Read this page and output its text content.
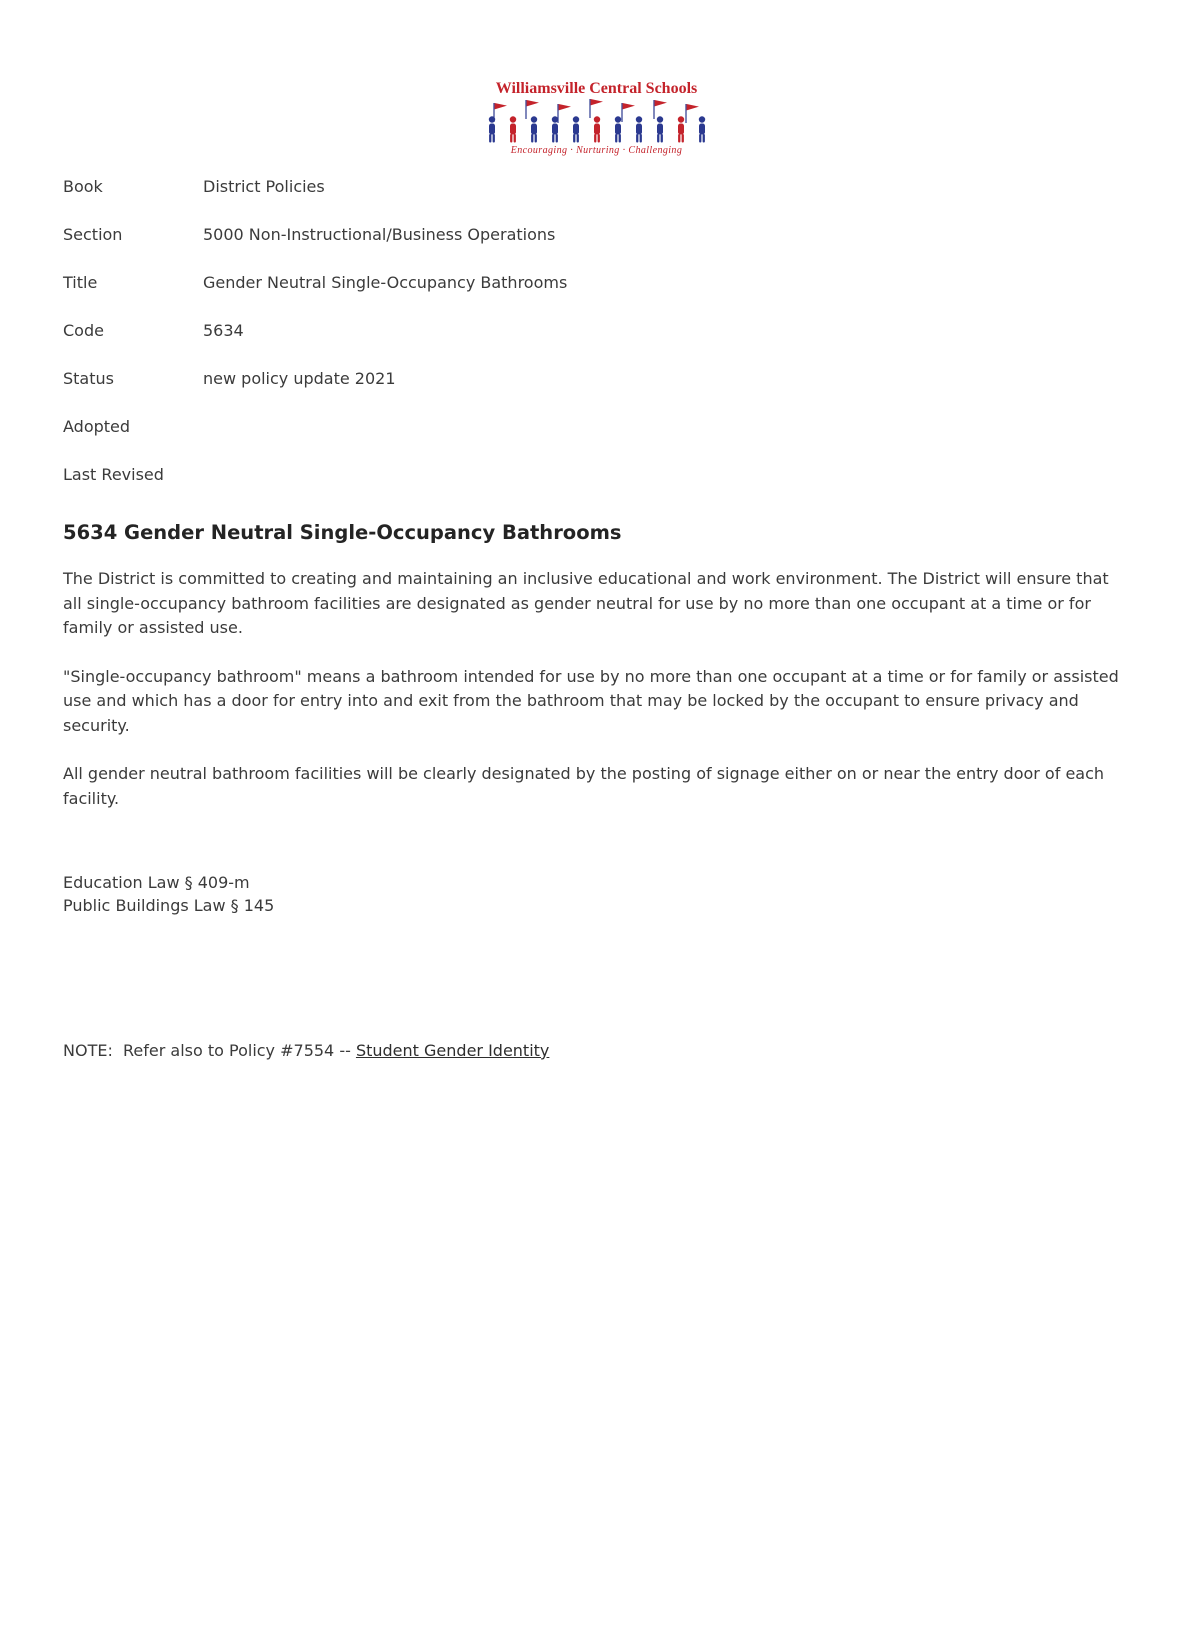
Williamsville Central Schools
Encouraging · Nurturing · Challenging
Book	District Policies
Section	5000 Non-Instructional/Business Operations
Title	Gender Neutral Single-Occupancy Bathrooms
Code	5634
Status	new policy update 2021
Adopted
Last Revised
5634 Gender Neutral Single-Occupancy Bathrooms

The District is committed to creating and maintaining an inclusive educational and work environment. The District will ensure that all single-occupancy bathroom facilities are designated as gender neutral for use by no more than one occupant at a time or for family or assisted use.

"Single-occupancy bathroom" means a bathroom intended for use by no more than one occupant at a time or for family or assisted use and which has a door for entry into and exit from the bathroom that may be locked by the occupant to ensure privacy and security.

All gender neutral bathroom facilities will be clearly designated by the posting of signage either on or near the entry door of each facility.

Education Law § 409-m
Public Buildings Law § 145

NOTE:  Refer also to Policy #7554 -- Student Gender Identity
